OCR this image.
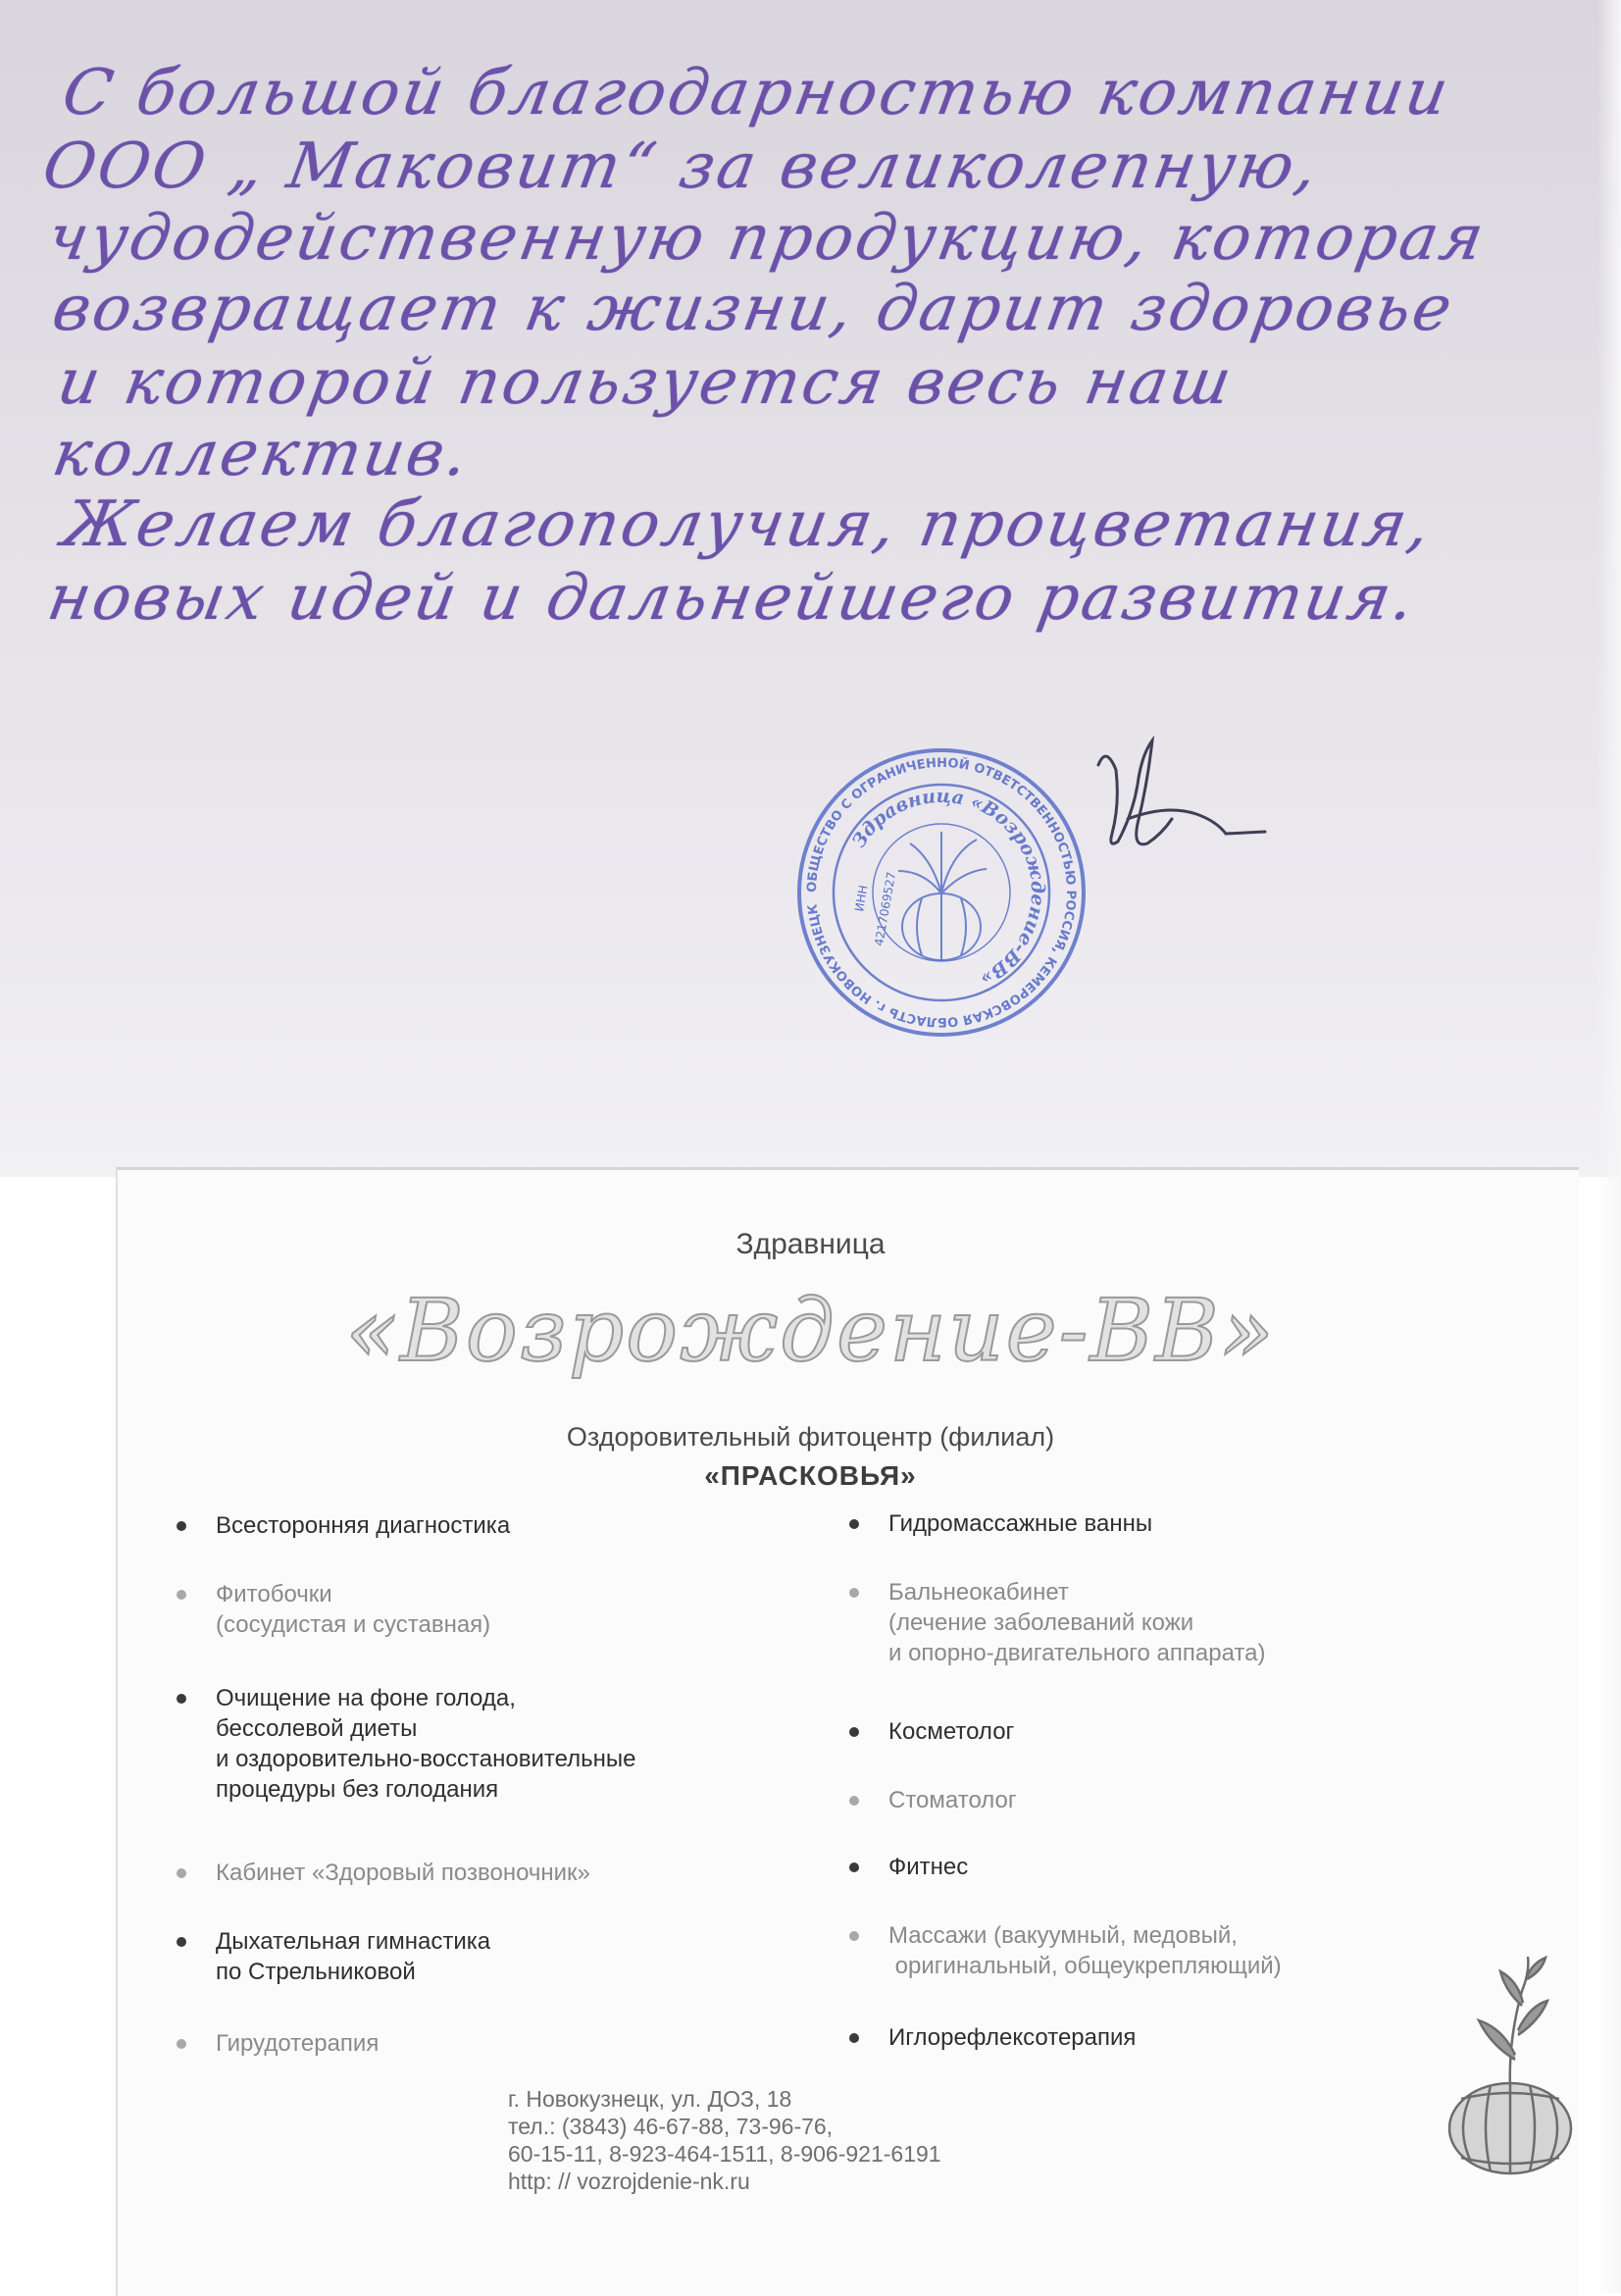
ОБЩЕСТВО С ОГРАНИЧЕННОЙ ОТВЕТСТВЕННОСТЬЮ РОССИЯ, КЕМЕРОВСКАЯ ОБЛАСТЬ г. НОВОКУЗНЕЦК
Здравница «Возрождение-ВВ»
4217069527
ИНН
Здравница
«Возрождение-ВВ»
Оздоровительный фитоцентр (филиал)
«ПРАСКОВЬЯ»
Всесторонняя диагностика
Фитобочки
(сосудистая и суставная)
Очищение на фоне голода,
бессолевой диеты
и оздоровительно-восстановительные
процедуры без голодания
Кабинет «Здоровый позвоночник»
Дыхательная гимнастика
по Стрельниковой
Гирудотерапия
Гидромассажные ванны
Бальнеокабинет
(лечение заболеваний кожи
и опорно-двигательного аппарата)
Косметолог
Стоматолог
Фитнес
Массажи (вакуумный, медовый,
оригинальный, общеукрепляющий)
Иглорефлексотерапия
г. Новокузнецк, ул. ДОЗ, 18
тел.: (3843) 46-67-88, 73-96-76,
60-15-11, 8-923-464-1511, 8-906-921-6191
http: // vozrojdenie-nk.ru
